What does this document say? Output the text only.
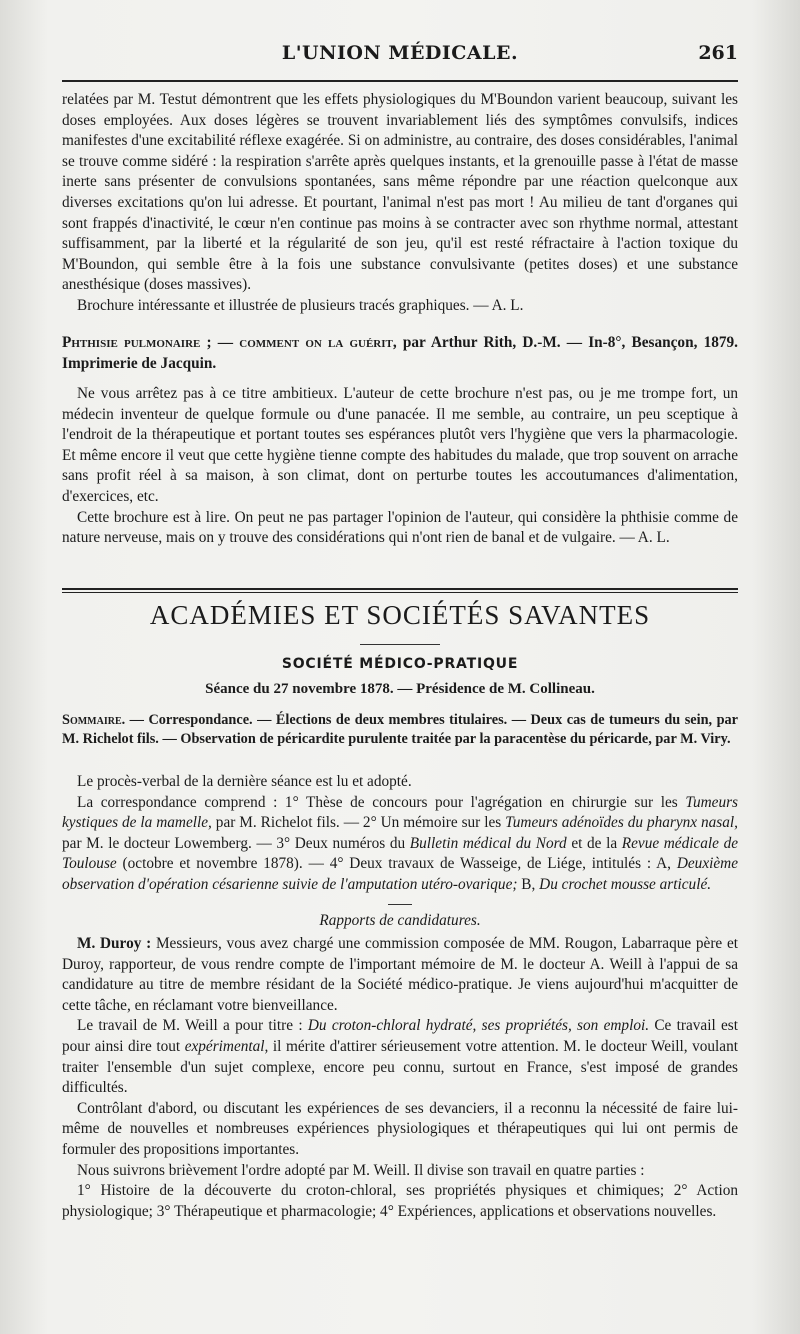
L'UNION MÉDICALE.	261

relatées par M. Testut démontrent que les effets physiologiques du M'Boundon varient beaucoup, suivant les doses employées. Aux doses légères se trouvent invariablement liés des symptômes convulsifs, indices manifestes d'une excitabilité réflexe exagérée. Si on administre, au contraire, des doses considérables, l'animal se trouve comme sidéré : la respiration s'arrête après quelques instants, et la grenouille passe à l'état de masse inerte sans présenter de convulsions spontanées, sans même répondre par une réaction quelconque aux diverses excitations qu'on lui adresse. Et pourtant, l'animal n'est pas mort ! Au milieu de tant d'organes qui sont frappés d'inactivité, le cœur n'en continue pas moins à se contracter avec son rhythme normal, attestant suffisamment, par la liberté et la régularité de son jeu, qu'il est resté réfractaire à l'action toxique du M'Boundon, qui semble être à la fois une substance convulsivante (petites doses) et une substance anesthésique (doses massives).

Brochure intéressante et illustrée de plusieurs tracés graphiques. — A. L.

Phthisie pulmonaire ; — comment on la guérit, par Arthur Rith, D.-M. — In-8°, Besançon, 1879. Imprimerie de Jacquin.

Ne vous arrêtez pas à ce titre ambitieux. L'auteur de cette brochure n'est pas, ou je me trompe fort, un médecin inventeur de quelque formule ou d'une panacée. Il me semble, au contraire, un peu sceptique à l'endroit de la thérapeutique et portant toutes ses espérances plutôt vers l'hygiène que vers la pharmacologie. Et même encore il veut que cette hygiène tienne compte des habitudes du malade, que trop souvent on arrache sans profit réel à sa maison, à son climat, dont on perturbe toutes les accoutumances d'alimentation, d'exercices, etc.

Cette brochure est à lire. On peut ne pas partager l'opinion de l'auteur, qui considère la phthisie comme de nature nerveuse, mais on y trouve des considérations qui n'ont rien de banal et de vulgaire. — A. L.

ACADÉMIES ET SOCIÉTÉS SAVANTES
SOCIÉTÉ MÉDICO-PRATIQUE
Séance du 27 novembre 1878. — Présidence de M. Collineau.
Sommaire. — Correspondance. — Élections de deux membres titulaires. — Deux cas de tumeurs du sein, par M. Richelot fils. — Observation de péricardite purulente traitée par la paracentèse du péricarde, par M. Viry.

Le procès-verbal de la dernière séance est lu et adopté.

La correspondance comprend : 1° Thèse de concours pour l'agrégation en chirurgie sur les Tumeurs kystiques de la mamelle, par M. Richelot fils. — 2° Un mémoire sur les Tumeurs adénoïdes du pharynx nasal, par M. le docteur Lowemberg. — 3° Deux numéros du Bulletin médical du Nord et de la Revue médicale de Toulouse (octobre et novembre 1878). — 4° Deux travaux de Wasseige, de Liége, intitulés : A, Deuxième observation d'opération césarienne suivie de l'amputation utéro-ovarique; B, Du crochet mousse articulé.

Rapports de candidatures.

M. Duroy : Messieurs, vous avez chargé une commission composée de MM. Rougon, Labarraque père et Duroy, rapporteur, de vous rendre compte de l'important mémoire de M. le docteur A. Weill à l'appui de sa candidature au titre de membre résidant de la Société médico-pratique. Je viens aujourd'hui m'acquitter de cette tâche, en réclamant votre bienveillance.

Le travail de M. Weill a pour titre : Du croton-chloral hydraté, ses propriétés, son emploi. Ce travail est pour ainsi dire tout expérimental, il mérite d'attirer sérieusement votre attention. M. le docteur Weill, voulant traiter l'ensemble d'un sujet complexe, encore peu connu, surtout en France, s'est imposé de grandes difficultés.

Contrôlant d'abord, ou discutant les expériences de ses devanciers, il a reconnu la nécessité de faire lui-même de nouvelles et nombreuses expériences physiologiques et thérapeutiques qui lui ont permis de formuler des propositions importantes.

Nous suivrons brièvement l'ordre adopté par M. Weill. Il divise son travail en quatre parties :

1° Histoire de la découverte du croton-chloral, ses propriétés physiques et chimiques; 2° Action physiologique; 3° Thérapeutique et pharmacologie; 4° Expériences, applications et observations nouvelles.
